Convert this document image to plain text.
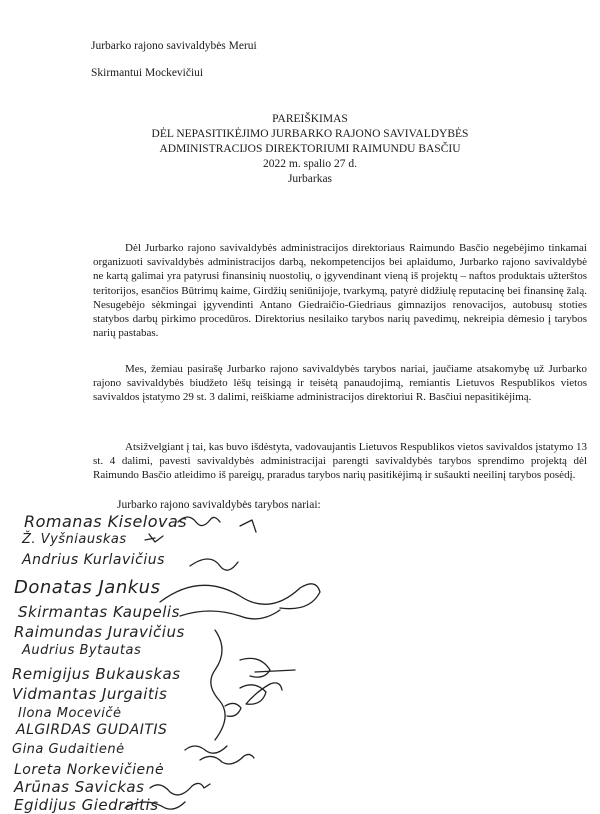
Jurbarko rajono savivaldybės Merui
Skirmantui Mockevičiui
PAREIŠKIMAS
DĖL NEPASITIKĖJIMO JURBARKO RAJONO SAVIVALDYBĖS
ADMINISTRACIJOS DIREKTORIUMI RAIMUNDU BASČIU
2022 m. spalio 27 d.
Jurbarkas

Dėl Jurbarko rajono savivaldybės administracijos direktoriaus Raimundo Basčio negebėjimo tinkamai organizuoti savivaldybės administracijos darbą, nekompetencijos bei aplaidumo, Jurbarko rajono savivaldybė ne kartą galimai yra patyrusi finansinių nuostolių, o įgyvendinant vieną iš projektų – naftos produktais užterštos teritorijos, esančios Būtrimų kaime, Girdžių seniūnijoje, tvarkymą, patyrė didžiulę reputacinę bei finansinę žalą. Nesugebėjo sėkmingai įgyvendinti Antano Giedraičio-Giedriaus gimnazijos renovacijos, autobusų stoties statybos darbų pirkimo procedūros. Direktorius nesilaiko tarybos narių pavedimų, nekreipia dėmesio į tarybos narių pastabas.

Mes, žemiau pasirašę Jurbarko rajono savivaldybės tarybos nariai, jaučiame atsakomybę už Jurbarko rajono savivaldybės biudžeto lėšų teisingą ir teisėtą panaudojimą, remiantis Lietuvos Respublikos vietos savivaldos įstatymo 29 st. 3 dalimi, reiškiame administracijos direktoriui R. Basčiui nepasitikėjimą.

Atsižvelgiant į tai, kas buvo išdėstyta, vadovaujantis Lietuvos Respublikos vietos savivaldos įstatymo 13 st. 4 dalimi, pavesti savivaldybės administracijai parengti savivaldybės tarybos sprendimo projektą dėl Raimundo Basčio atleidimo iš pareigų, praradus tarybos narių pasitikėjimą ir sušaukti neeilinį tarybos posėdį.

Jurbarko rajono savivaldybės tarybos nariai:
Romanas Kiselovas
Ž. Vyšniauskas
Andrius Kurlavičius
Donatas Jankus
Skirmantas Kaupelis
Raimundas Juravičius
Audrius Bytautas
Remigijus Bukauskas
Vidmantas Jurgaitis
Ilona Mocevičė
ALGIRDAS GUDAITIS
Gina Gudaitienė
Loreta Norkevičienė
Arūnas Savickas
Egidijus Giedraitis
